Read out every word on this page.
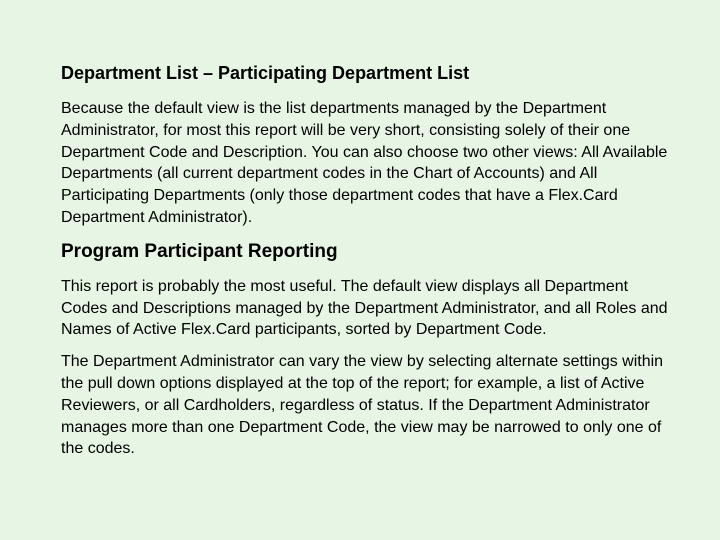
Department List – Participating Department List

Because the default view is the list departments managed by the Department Administrator, for most this report will be very short, consisting solely of their one Department Code and Description. You can also choose two other views: All Available Departments (all current department codes in the Chart of Accounts) and All Participating Departments (only those department codes that have a Flex.Card Department Administrator).

Program Participant Reporting

This report is probably the most useful. The default view displays all Department Codes and Descriptions managed by the Department Administrator, and all Roles and Names of Active Flex.Card participants, sorted by Department Code.

The Department Administrator can vary the view by selecting alternate settings within the pull down options displayed at the top of the report; for example, a list of Active Reviewers, or all Cardholders, regardless of status. If the Department Administrator manages more than one Department Code, the view may be narrowed to only one of the codes.
